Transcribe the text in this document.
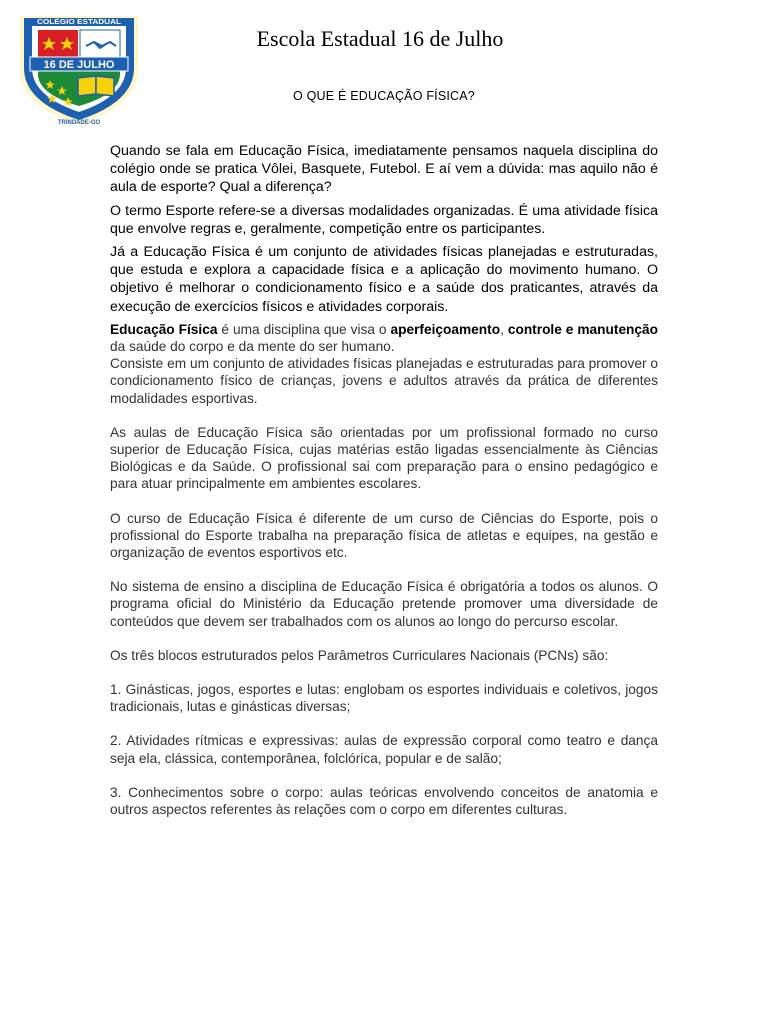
COLÉGIO ESTADUAL
16 DE JULHO
TRINDADE-GO
Escola Estadual 16 de Julho
O QUE É EDUCAÇÃO FÍSICA?

Quando se fala em Educação Física, imediatamente pensamos naquela disciplina do colégio onde se pratica Vôlei, Basquete, Futebol. E aí vem a dúvida: mas aquilo não é aula de esporte? Qual a diferença?

O termo Esporte refere-se a diversas modalidades organizadas. É uma atividade física que envolve regras e, geralmente, competição entre os participantes.

Já a Educação Física é um conjunto de atividades físicas planejadas e estruturadas, que estuda e explora a capacidade física e a aplicação do movimento humano. O objetivo é melhorar o condicionamento físico e a saúde dos praticantes, através da execução de exercícios físicos e atividades corporais.

Educação Física é uma disciplina que visa o aperfeiçoamento, controle e manutenção da saúde do corpo e da mente do ser humano.

Consiste em um conjunto de atividades físicas planejadas e estruturadas para promover o condicionamento físico de crianças, jovens e adultos através da prática de diferentes modalidades esportivas.

As aulas de Educação Física são orientadas por um profissional formado no curso superior de Educação Física, cujas matérias estão ligadas essencialmente às Ciências Biológicas e da Saúde. O profissional sai com preparação para o ensino pedagógico e para atuar principalmente em ambientes escolares.

O curso de Educação Física é diferente de um curso de Ciências do Esporte, pois o profissional do Esporte trabalha na preparação física de atletas e equipes, na gestão e organização de eventos esportivos etc.

No sistema de ensino a disciplina de Educação Física é obrigatória a todos os alunos. O programa oficial do Ministério da Educação pretende promover uma diversidade de conteúdos que devem ser trabalhados com os alunos ao longo do percurso escolar.

Os três blocos estruturados pelos Parâmetros Curriculares Nacionais (PCNs) são:

1. Ginásticas, jogos, esportes e lutas: englobam os esportes individuais e coletivos, jogos tradicionais, lutas e ginásticas diversas;

2. Atividades rítmicas e expressivas: aulas de expressão corporal como teatro e dança seja ela, clássica, contemporânea, folclórica, popular e de salão;

3. Conhecimentos sobre o corpo: aulas teóricas envolvendo conceitos de anatomia e outros aspectos referentes às relações com o corpo em diferentes culturas.
